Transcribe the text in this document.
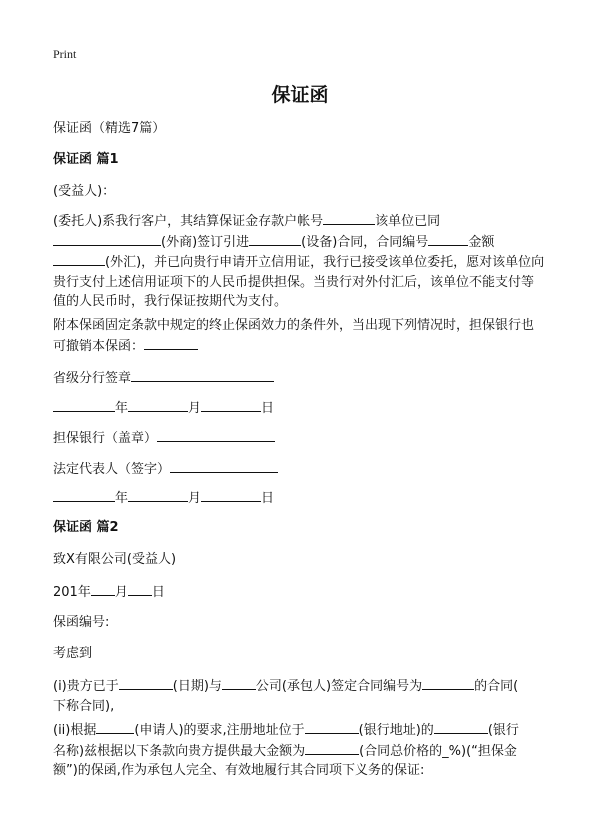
Print
保证函
保证函（精选7篇）
保证函 篇1
(受益人)：
(委托人)系我行客户，其结算保证金存款户帐号	该单位已同
(外商)签订引进	(设备)合同，合同编号	金额
(外汇)，并已向贵行申请开立信用证，我行已接受该单位委托，愿对该单位向贵行支付上述信用证项下的人民币提供担保。当贵行对外付汇后，该单位不能支付等值的人民币时，我行保证按期代为支付。
附本保函固定条款中规定的终止保函效力的条件外，当出现下列情况时，担保银行也可撤销本保函：
省级分行签章
年	月	日
担保银行（盖章）
法定代表人（签字）
年	月	日
保证函 篇2
致X有限公司(受益人)
201年 月 日
保函编号:
考虑到
(i)贵方已于	(日期)与	公司(承包人)签定合同编号为	的合同(
下称合同),
(ii)根据	(申请人)的要求,注册地址位于	(银行地址)的	(银行
名称)兹根据以下条款向贵方提供最大金额为	(合同总价格的_%)(“担保金
额”)的保函,作为承包人完全、有效地履行其合同项下义务的保证:
